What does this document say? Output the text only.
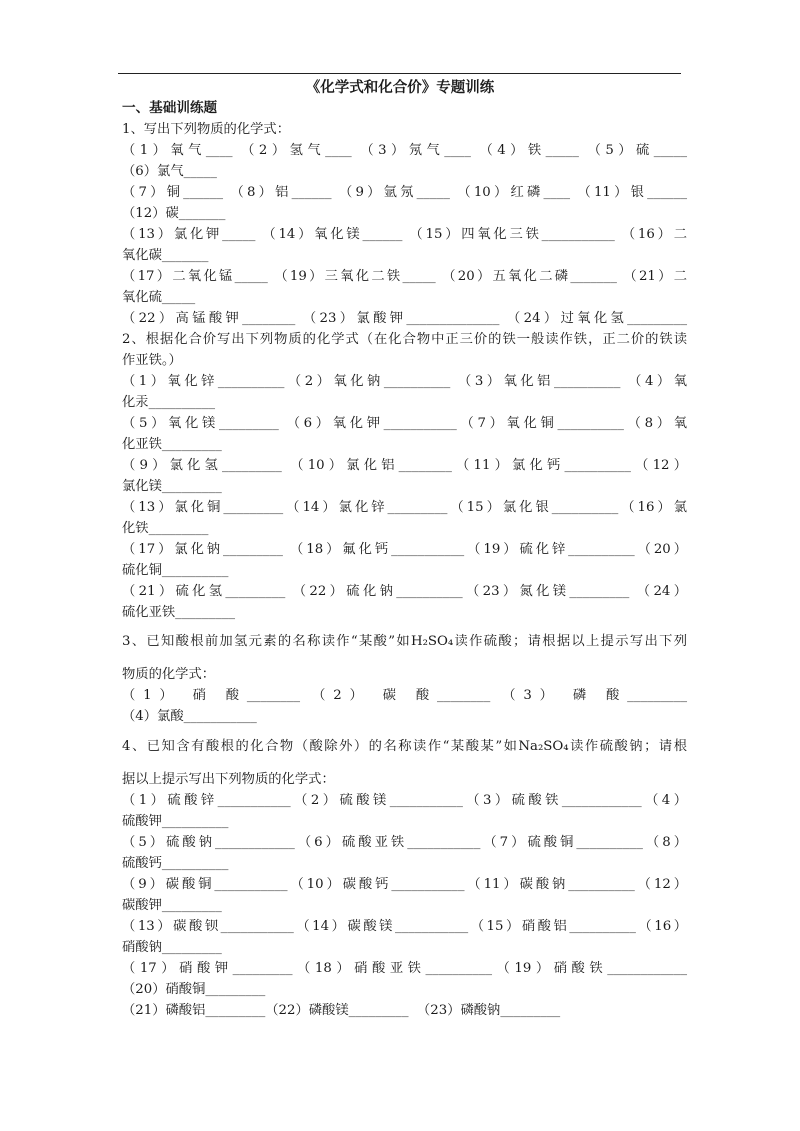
《化学式和化合价》专题训练
一、基础训练题
1、写出下列物质的化学式：
（1）氧气____ （2）氢气____ （3）氖气____ （4）铁_____ （5）硫_____
（6）氯气_____
（7）铜______ （8）铝______ （9）氩氖_____ （10）红磷____ （11）银______
（12）碳_______
（13）氯化钾_____ （14）氧化镁______ （15）四氧化三铁___________ （16）二
氧化碳_______
（17）二氧化锰_____ （19）三氧化二铁_____ （20）五氧化二磷_______ （21）二
氧化硫_____
（22）高锰酸钾________ （23）氯酸钾______________ （24）过氧化氢_________
2、根据化合价写出下列物质的化学式（在化合物中正三价的铁一般读作铁，正二价的铁读
作亚铁。）
（1）氧化锌__________（2）氧化钠__________ （3）氧化铝__________ （4）氧
化汞__________
（5）氧化镁_________ （6）氧化钾___________（7）氧化铜__________（8）氧
化亚铁_________
（9）氯化氢_________ （10）氯化铝________（11）氯化钙__________（12）
氯化镁_________
（13）氯化铜_________（14）氯化锌_________（15）氯化银__________（16）氯
化铁_________
（17）氯化钠_________ （18）氟化钙___________（19）硫化锌__________（20）
硫化铜__________
（21）硫化氢_________ （22）硫化钠__________（23）氮化镁_________ （24）
硫化亚铁_________
3、已知酸根前加氢元素的名称读作“某酸”如H₂SO₄读作硫酸；请根据以上提示写出下列
物质的化学式：
（1） 硝 酸________ （2） 碳 酸________ （3） 磷 酸_________
（4）氯酸___________
4、已知含有酸根的化合物（酸除外）的名称读作“某酸某”如Na₂SO₄读作硫酸钠；请根
据以上提示写出下列物质的化学式：
（1）硫酸锌___________（2）硫酸镁___________（3）硫酸铁____________（4）
硫酸钾__________
（5）硫酸钠____________（6）硫酸亚铁___________（7）硫酸铜__________（8）
硫酸钙__________
（9）碳酸铜___________（10）碳酸钙___________（11）碳酸钠__________（12）
碳酸钾_________
（13）碳酸钡___________（14）碳酸镁___________（15）硝酸铝__________（16）
硝酸钠_________
（17）硝酸钾_________（18）硝酸亚铁__________（19）硝酸铁____________
（20）硝酸铜_________
（21）磷酸铝_________（22）磷酸镁_________  （23）磷酸钠_________
